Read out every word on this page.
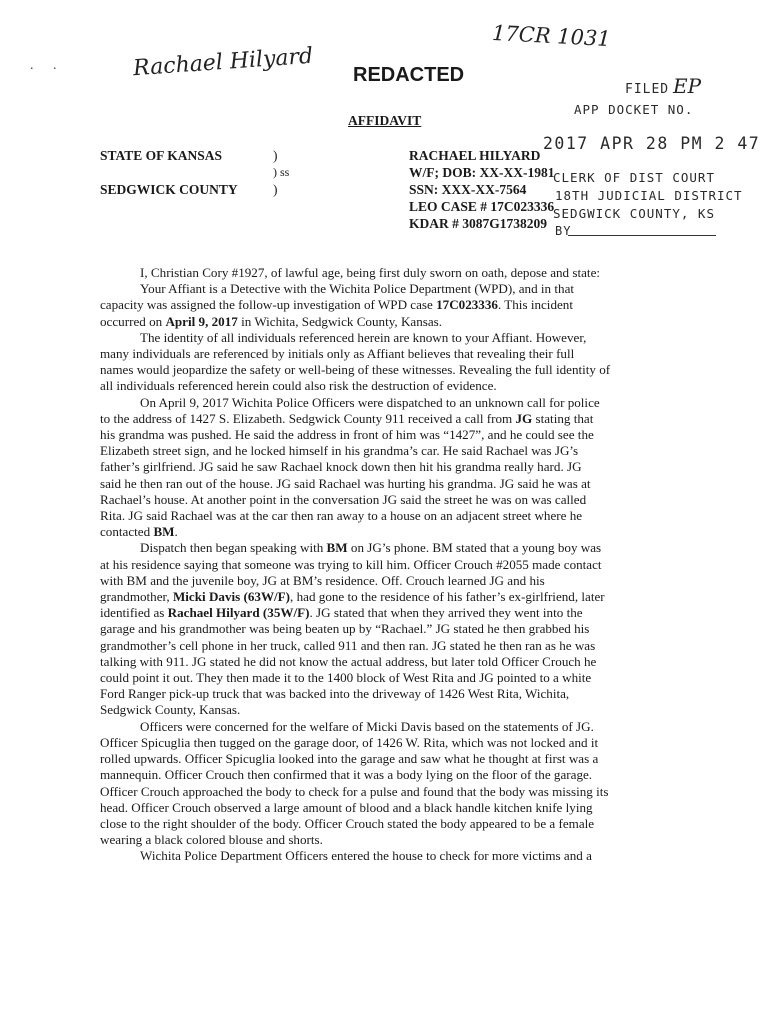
Rachael Hilyard
17CR 1031
. .	REDACTED
AFFIDAVIT
FILED EP
APP DOCKET NO.
2017 APR 28 PM 2 47
CLERK OF DIST COURT
18TH JUDICIAL DISTRICT
SEDGWICK COUNTY, KS
BY
STATE OF KANSAS	)
) ss
SEDGWICK COUNTY	)
RACHAEL HILYARD
W/F; DOB: XX-XX-1981
SSN: XXX-XX-7564
LEO CASE # 17C023336
KDAR # 3087G1738209

I, Christian Cory #1927, of lawful age, being first duly sworn on oath, depose and state:

Your Affiant is a Detective with the Wichita Police Department (WPD), and in that
capacity was assigned the follow-up investigation of WPD case 17C023336. This incident
occurred on April 9, 2017 in Wichita, Sedgwick County, Kansas.

The identity of all individuals referenced herein are known to your Affiant. However,
many individuals are referenced by initials only as Affiant believes that revealing their full
names would jeopardize the safety or well-being of these witnesses. Revealing the full identity of
all individuals referenced herein could also risk the destruction of evidence.

On April 9, 2017 Wichita Police Officers were dispatched to an unknown call for police
to the address of 1427 S. Elizabeth. Sedgwick County 911 received a call from JG stating that
his grandma was pushed. He said the address in front of him was “1427”, and he could see the
Elizabeth street sign, and he locked himself in his grandma’s car. He said Rachael was JG’s
father’s girlfriend. JG said he saw Rachael knock down then hit his grandma really hard. JG
said he then ran out of the house. JG said Rachael was hurting his grandma. JG said he was at
Rachael’s house. At another point in the conversation JG said the street he was on was called
Rita. JG said Rachael was at the car then ran away to a house on an adjacent street where he
contacted BM.

Dispatch then began speaking with BM on JG’s phone. BM stated that a young boy was
at his residence saying that someone was trying to kill him. Officer Crouch #2055 made contact
with BM and the juvenile boy, JG at BM’s residence. Off. Crouch learned JG and his
grandmother, Micki Davis (63W/F), had gone to the residence of his father’s ex-girlfriend, later
identified as Rachael Hilyard (35W/F). JG stated that when they arrived they went into the
garage and his grandmother was being beaten up by “Rachael.” JG stated he then grabbed his
grandmother’s cell phone in her truck, called 911 and then ran. JG stated he then ran as he was
talking with 911. JG stated he did not know the actual address, but later told Officer Crouch he
could point it out. They then made it to the 1400 block of West Rita and JG pointed to a white
Ford Ranger pick-up truck that was backed into the driveway of 1426 West Rita, Wichita,
Sedgwick County, Kansas.

Officers were concerned for the welfare of Micki Davis based on the statements of JG.
Officer Spicuglia then tugged on the garage door, of 1426 W. Rita, which was not locked and it
rolled upwards. Officer Spicuglia looked into the garage and saw what he thought at first was a
mannequin. Officer Crouch then confirmed that it was a body lying on the floor of the garage.
Officer Crouch approached the body to check for a pulse and found that the body was missing its
head. Officer Crouch observed a large amount of blood and a black handle kitchen knife lying
close to the right shoulder of the body. Officer Crouch stated the body appeared to be a female
wearing a black colored blouse and shorts.

Wichita Police Department Officers entered the house to check for more victims and a
